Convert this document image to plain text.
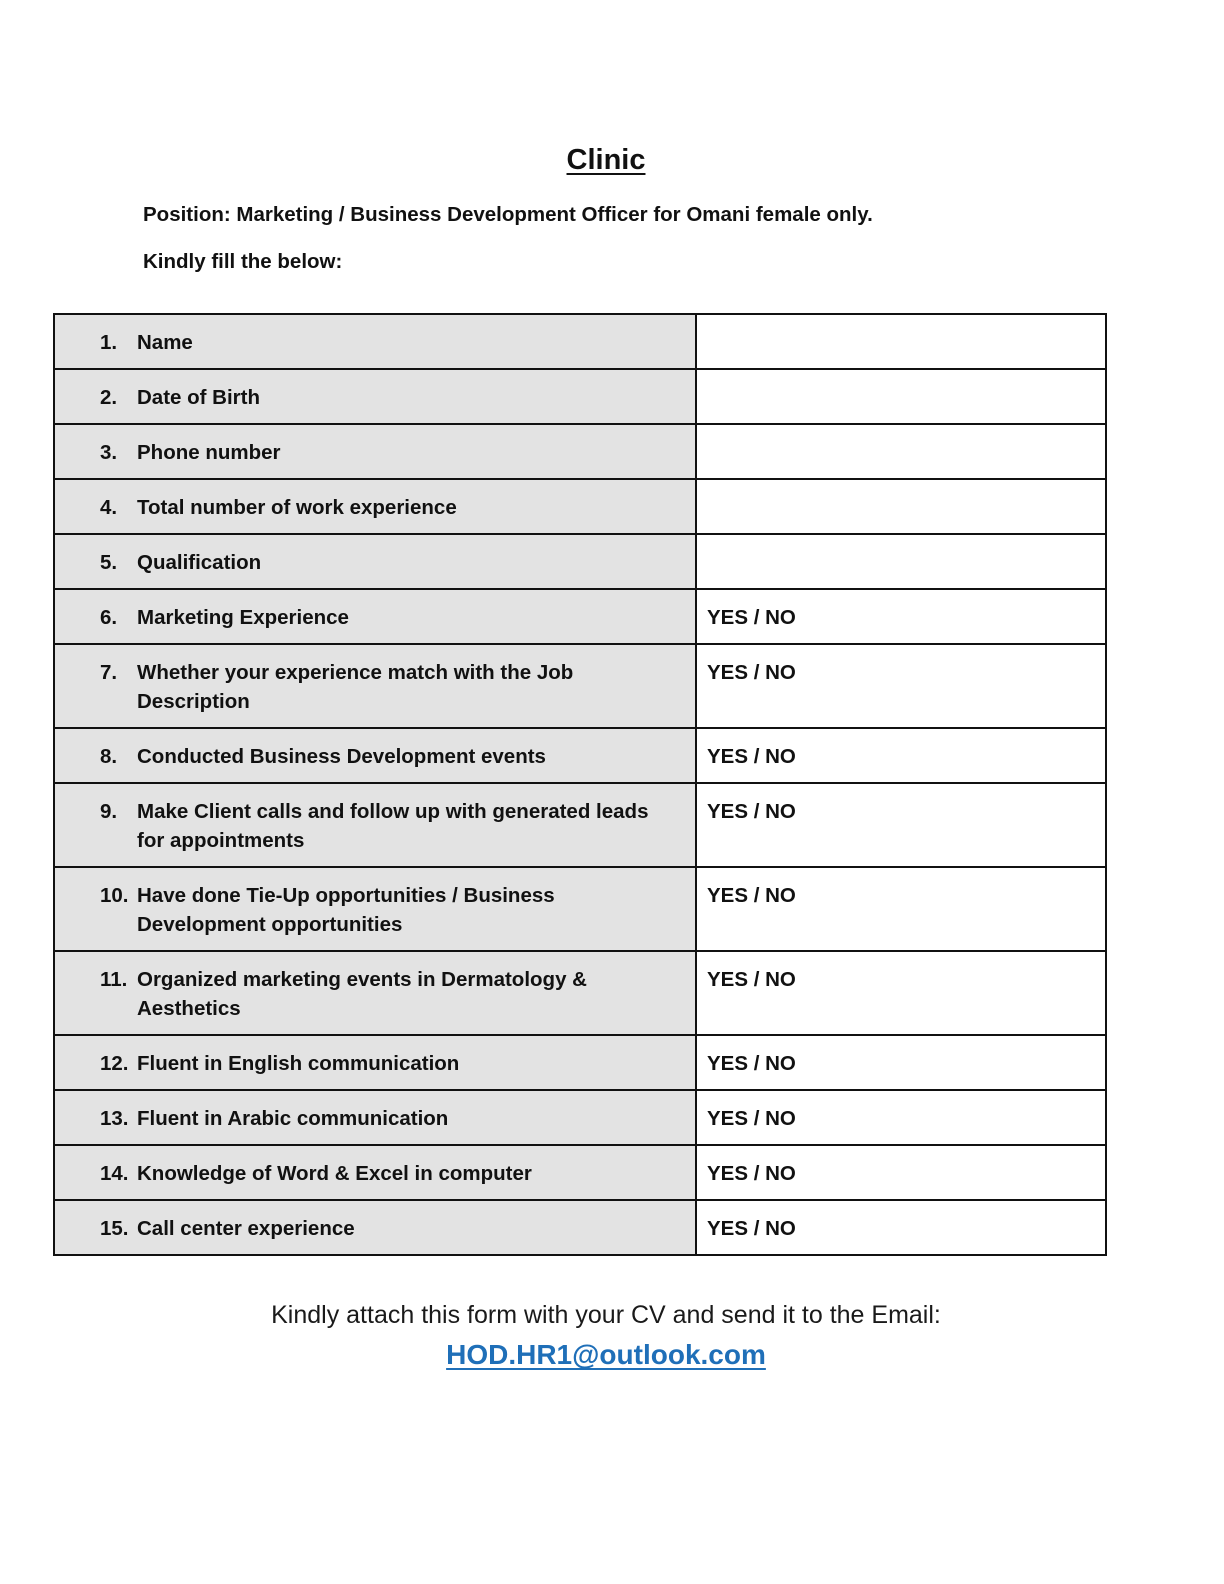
Clinic
Position: Marketing / Business Development Officer for Omani female only.
Kindly fill the below:
1. Name	

2. Date of Birth	

3. Phone number	

4. Total number of work experience	

5. Qualification	

6. Marketing Experience	YES / NO

7. Whether your experience match with the Job Description	YES / NO

8. Conducted Business Development events	YES / NO

9. Make Client calls and follow up with generated leads for appointments	YES / NO

10. Have done Tie-Up opportunities / Business Development opportunities	YES / NO

11. Organized marketing events in Dermatology & Aesthetics	YES / NO

12. Fluent in English communication	YES / NO

13. Fluent in Arabic communication	YES / NO

14. Knowledge of Word & Excel in computer	YES / NO

15. Call center experience	YES / NO
Kindly attach this form with your CV and send it to the Email:
HOD.HR1@outlook.com
